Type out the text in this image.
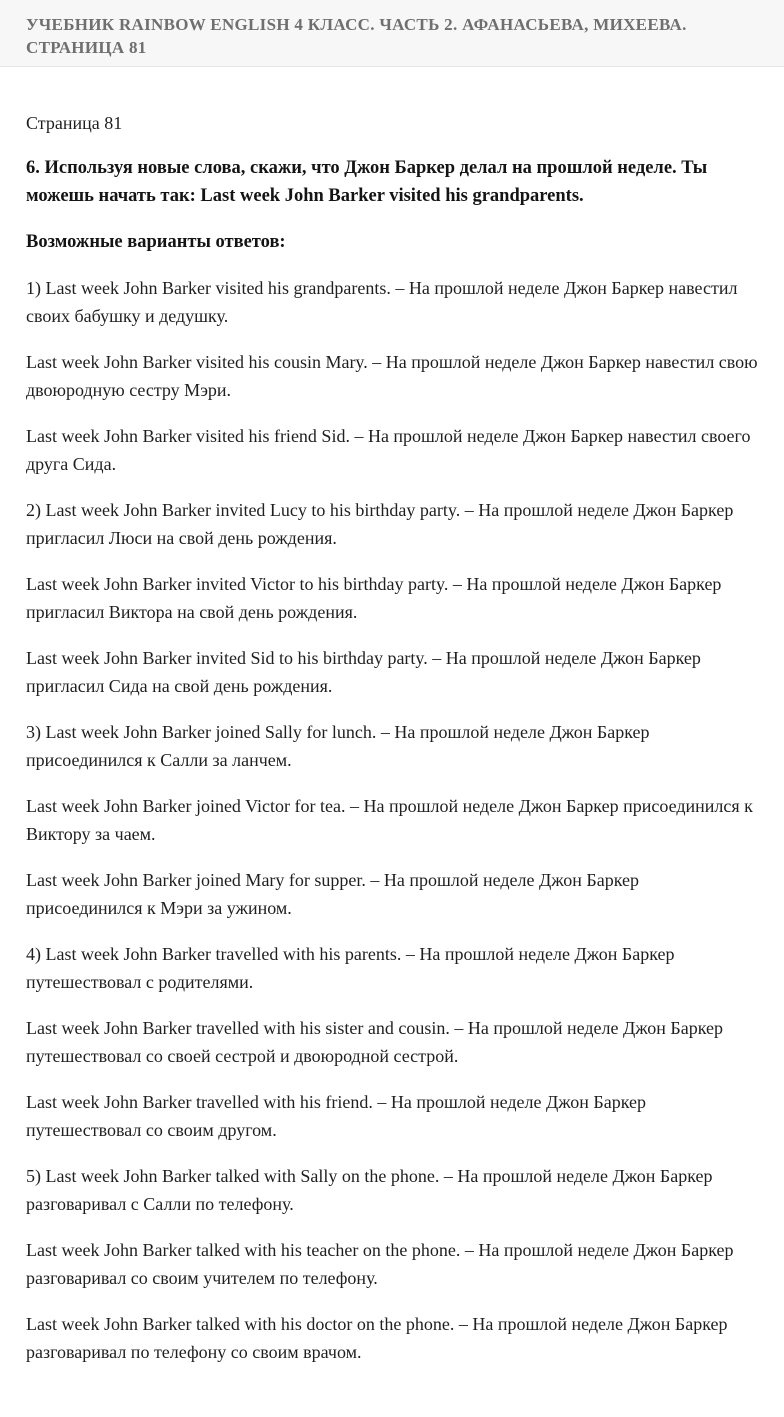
УЧЕБНИК RAINBOW ENGLISH 4 КЛАСС. ЧАСТЬ 2. АФАНАСЬЕВА, МИХЕЕВА. СТРАНИЦА 81

Страница 81

6. Используя новые слова, скажи, что Джон Баркер делал на прошлой неделе. Ты можешь начать так: Last week John Barker visited his grandparents.

Возможные варианты ответов:

1) Last week John Barker visited his grandparents. – На прошлой неделе Джон Баркер навестил своих бабушку и дедушку.

Last week John Barker visited his cousin Mary. – На прошлой неделе Джон Баркер навестил свою двоюродную сестру Мэри.

Last week John Barker visited his friend Sid. – На прошлой неделе Джон Баркер навестил своего друга Сида.

2) Last week John Barker invited Lucy to his birthday party. – На прошлой неделе Джон Баркер пригласил Люси на свой день рождения.

Last week John Barker invited Victor to his birthday party. – На прошлой неделе Джон Баркер пригласил Виктора на свой день рождения.

Last week John Barker invited Sid to his birthday party. – На прошлой неделе Джон Баркер пригласил Сида на свой день рождения.

3) Last week John Barker joined Sally for lunch. – На прошлой неделе Джон Баркер присоединился к Салли за ланчем.

Last week John Barker joined Victor for tea. – На прошлой неделе Джон Баркер присоединился к Виктору за чаем.

Last week John Barker joined Mary for supper. – На прошлой неделе Джон Баркер присоединился к Мэри за ужином.

4) Last week John Barker travelled with his parents. – На прошлой неделе Джон Баркер путешествовал с родителями.

Last week John Barker travelled with his sister and cousin. – На прошлой неделе Джон Баркер путешествовал со своей сестрой и двоюродной сестрой.

Last week John Barker travelled with his friend. – На прошлой неделе Джон Баркер путешествовал со своим другом.

5) Last week John Barker talked with Sally on the phone. – На прошлой неделе Джон Баркер разговаривал с Салли по телефону.

Last week John Barker talked with his teacher on the phone. – На прошлой неделе Джон Баркер разговаривал со своим учителем по телефону.

Last week John Barker talked with his doctor on the phone. – На прошлой неделе Джон Баркер разговаривал по телефону со своим врачом.
